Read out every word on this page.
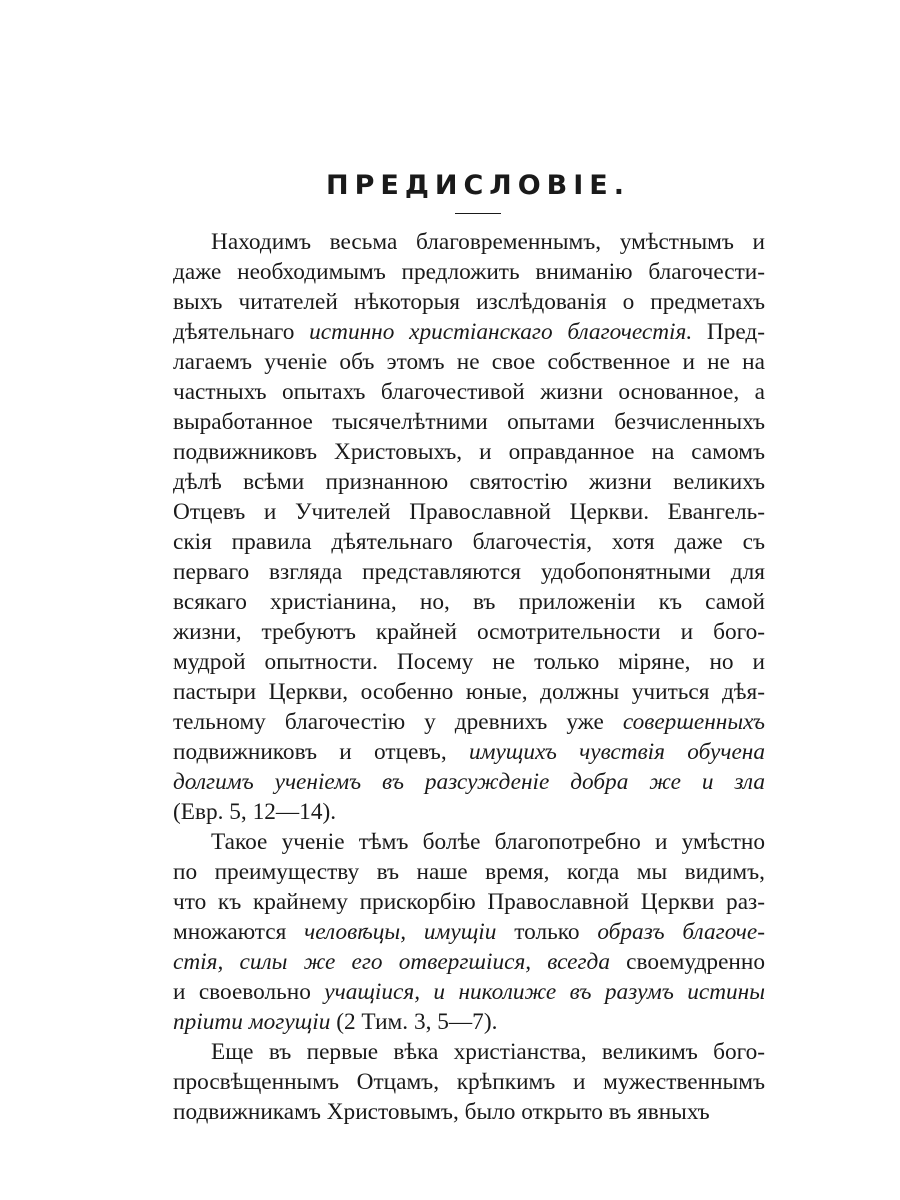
ПРЕДИСЛОВІЕ.
Находимъ весьма благовременнымъ, умѣстнымъ и
даже необходимымъ предложить вниманію благочести-
выхъ читателей нѣкоторыя изслѣдованія о предметахъ
дѣятельнаго истинно христіанскаго благочестія. Пред-
лагаемъ ученіе объ этомъ не свое собственное и не на
частныхъ опытахъ благочестивой жизни основанное, а
выработанное тысячелѣтними опытами безчисленныхъ
подвижниковъ Христовыхъ, и оправданное на самомъ
дѣлѣ всѣми признанною святостію жизни великихъ
Отцевъ и Учителей Православной Церкви. Евангель-
скія правила дѣятельнаго благочестія, хотя даже съ
перваго взгляда представляются удобопонятными для
всякаго христіанина, но, въ приложеніи къ самой
жизни, требуютъ крайней осмотрительности и бого-
мудрой опытности. Посему не только міряне, но и
пастыри Церкви, особенно юные, должны учиться дѣя-
тельному благочестію у древнихъ уже совершенныхъ
подвижниковъ и отцевъ, имущихъ чувствія обучена
долгимъ ученіемъ въ разсужденіе добра же и зла
(Евр. 5, 12—14).
Такое ученіе тѣмъ болѣе благопотребно и умѣстно
по преимуществу въ наше время, когда мы видимъ,
что къ крайнему прискорбію Православной Церкви раз-
множаются человѣцы, имущіи только образъ благоче-
стія, силы же его отвергшіися, всегда своемудренно
и своевольно учащіися, и николиже въ разумъ истины
пріити могущіи (2 Тим. 3, 5—7).
Еще въ первые вѣка христіанства, великимъ бого-
просвѣщеннымъ Отцамъ, крѣпкимъ и мужественнымъ
подвижникамъ Христовымъ, было открыто въ явныхъ
